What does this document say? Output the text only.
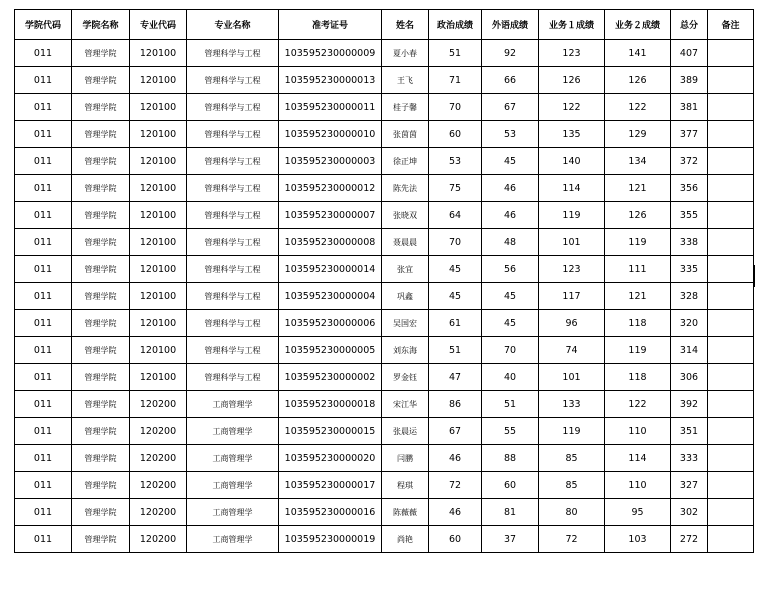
学院代码	学院名称	专业代码	专业名称	准考证号	姓名	政治成绩	外语成绩	业务１成绩	业务２成绩	总分	备注
011	管理学院	120100	管理科学与工程	103595230000009	夏小春	51	92	123	141	407	
011	管理学院	120100	管理科学与工程	103595230000013	王飞	71	66	126	126	389	
011	管理学院	120100	管理科学与工程	103595230000011	桂子馨	70	67	122	122	381	
011	管理学院	120100	管理科学与工程	103595230000010	张茵茵	60	53	135	129	377	
011	管理学院	120100	管理科学与工程	103595230000003	徐正坤	53	45	140	134	372	
011	管理学院	120100	管理科学与工程	103595230000012	陈先法	75	46	114	121	356	
011	管理学院	120100	管理科学与工程	103595230000007	张晓双	64	46	119	126	355	
011	管理学院	120100	管理科学与工程	103595230000008	聂晨晨	70	48	101	119	338	
011	管理学院	120100	管理科学与工程	103595230000014	张宜	45	56	123	111	335	
011	管理学院	120100	管理科学与工程	103595230000004	巩鑫	45	45	117	121	328	
011	管理学院	120100	管理科学与工程	103595230000006	吴国宏	61	45	96	118	320	
011	管理学院	120100	管理科学与工程	103595230000005	刘东海	51	70	74	119	314	
011	管理学院	120100	管理科学与工程	103595230000002	罗金钰	47	40	101	118	306	
011	管理学院	120200	工商管理学	103595230000018	宋江华	86	51	133	122	392	
011	管理学院	120200	工商管理学	103595230000015	张晨运	67	55	119	110	351	
011	管理学院	120200	工商管理学	103595230000020	闫鹏	46	88	85	114	333	
011	管理学院	120200	工商管理学	103595230000017	程琪	72	60	85	110	327	
011	管理学院	120200	工商管理学	103595230000016	陈薇薇	46	81	80	95	302	
011	管理学院	120200	工商管理学	103595230000019	尚艳	60	37	72	103	272	
